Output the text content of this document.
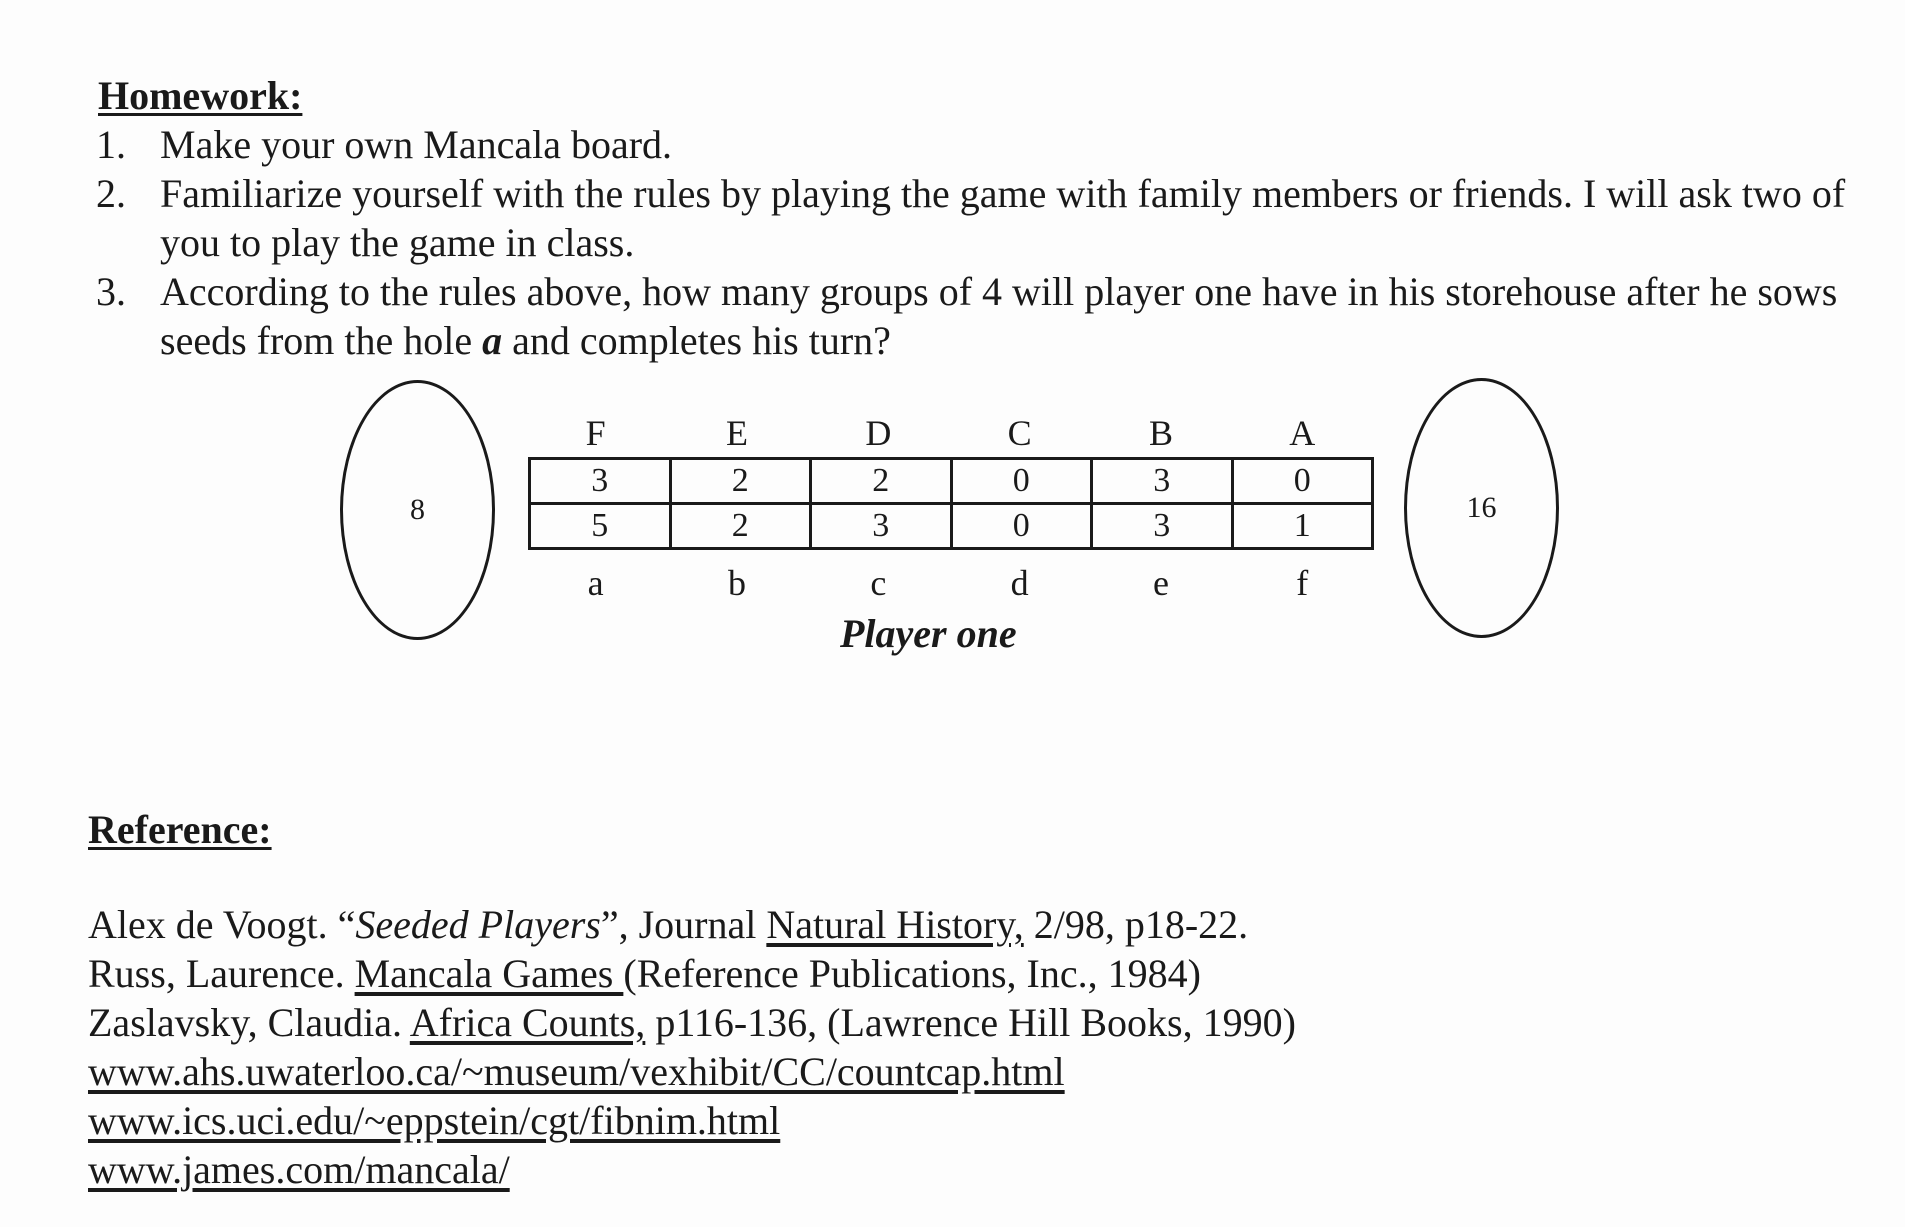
Homework:
1. Make your own Mancala board.
2. Familiarize yourself with the rules by playing the game with family members or friends. I will ask two of you to play the game in class.
3. According to the rules above, how many groups of 4 will player one have in his storehouse after he sows seeds from the hole a and completes his turn?
8
F	E	D	C	B	A
3	2	2	0	3	0
5	2	3	0	3	1
a	b	c	d	e	f
Player one
16
Reference:
Alex de Voogt. “Seeded Players”, Journal Natural History, 2/98, p18-22.
Russ, Laurence. Mancala Games (Reference Publications, Inc., 1984)
Zaslavsky, Claudia. Africa Counts, p116-136, (Lawrence Hill Books, 1990)
www.ahs.uwaterloo.ca/~museum/vexhibit/CC/countcap.html
www.ics.uci.edu/~eppstein/cgt/fibnim.html
www.james.com/mancala/
